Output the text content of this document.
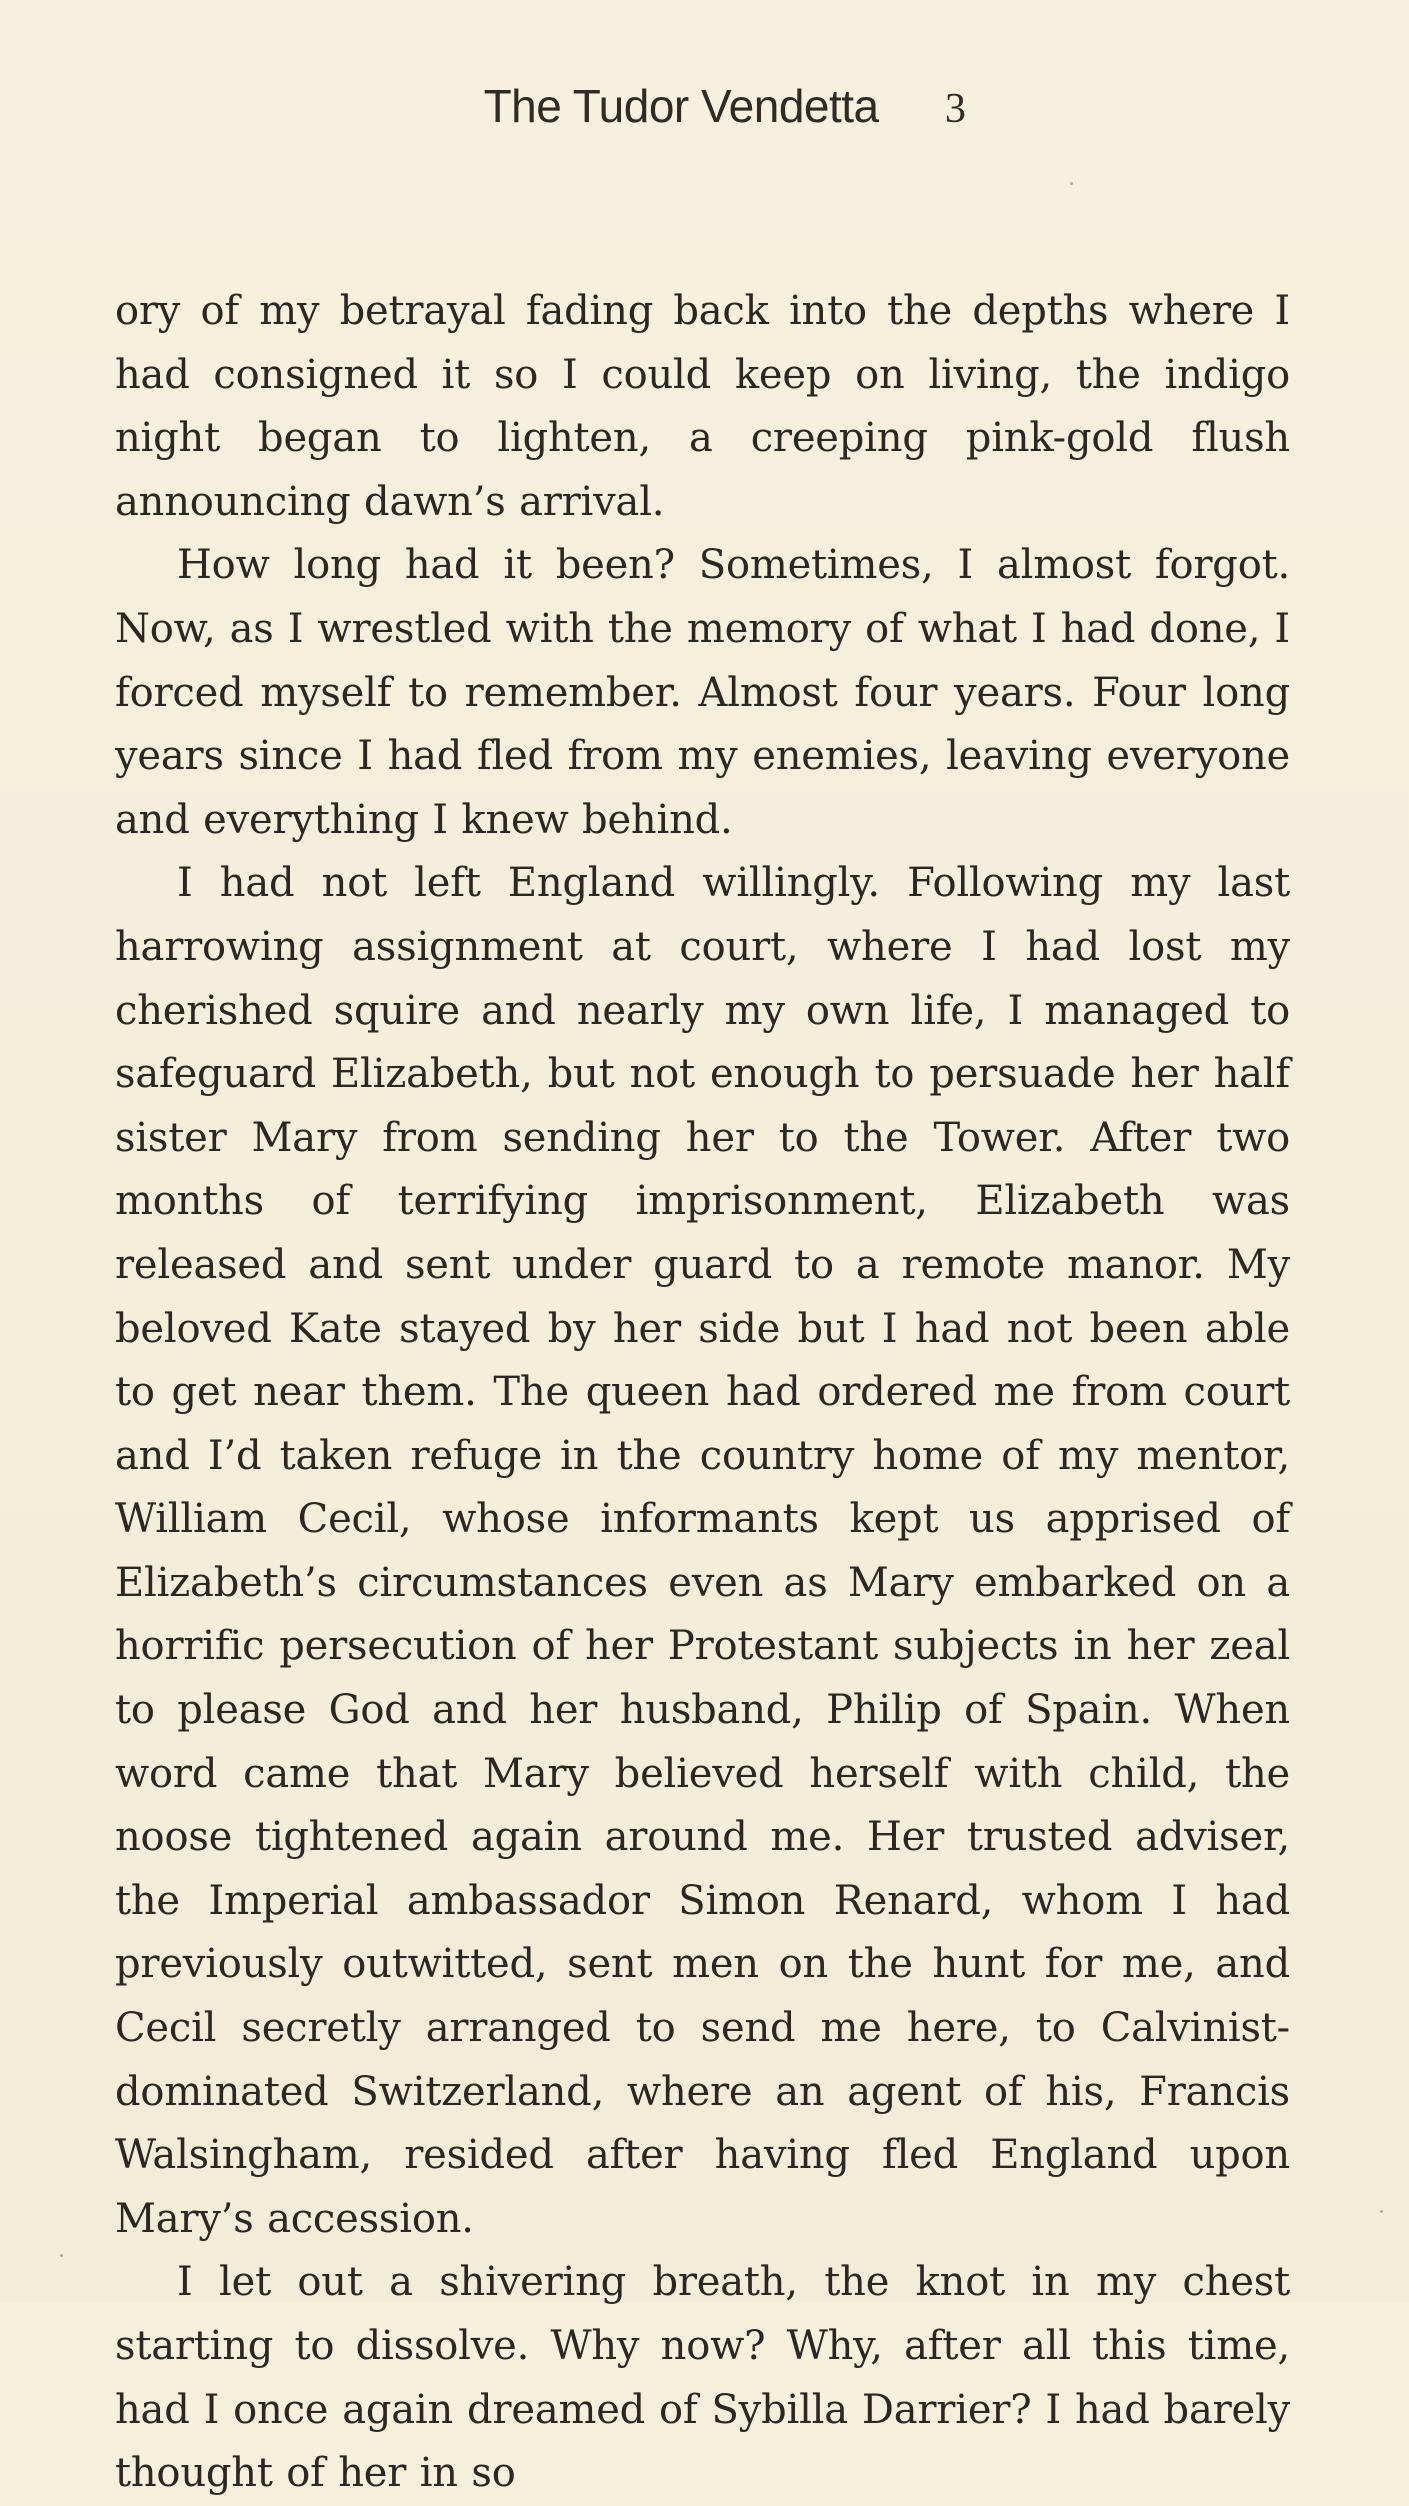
The Tudor Vendetta 3

ory of my betrayal fading back into the depths where I had consigned it so I could keep on living, the indigo night began to lighten, a creeping pink-gold flush announcing dawn’s arrival.

How long had it been? Sometimes, I almost forgot. Now, as I wrestled with the memory of what I had done, I forced myself to remember. Almost four years. Four long years since I had fled from my enemies, leaving everyone and everything I knew behind.

I had not left England willingly. Following my last harrowing assignment at court, where I had lost my cherished squire and nearly my own life, I managed to safeguard Elizabeth, but not enough to persuade her half sister Mary from sending her to the Tower. After two months of terrifying imprisonment, Elizabeth was released and sent under guard to a remote manor. My beloved Kate stayed by her side but I had not been able to get near them. The queen had ordered me from court and I’d taken refuge in the country home of my mentor, William Cecil, whose informants kept us apprised of Elizabeth’s circumstances even as Mary embarked on a horrific persecution of her Protestant subjects in her zeal to please God and her husband, Philip of Spain. When word came that Mary believed herself with child, the noose tightened again around me. Her trusted adviser, the Imperial ambassador Simon Renard, whom I had previously outwitted, sent men on the hunt for me, and Cecil secretly arranged to send me here, to Calvinist-dominated Switzerland, where an agent of his, Francis Walsingham, resided after having fled England upon Mary’s accession.

I let out a shivering breath, the knot in my chest starting to dissolve. Why now? Why, after all this time, had I once again dreamed of Sybilla Darrier? I had barely thought of her in so
